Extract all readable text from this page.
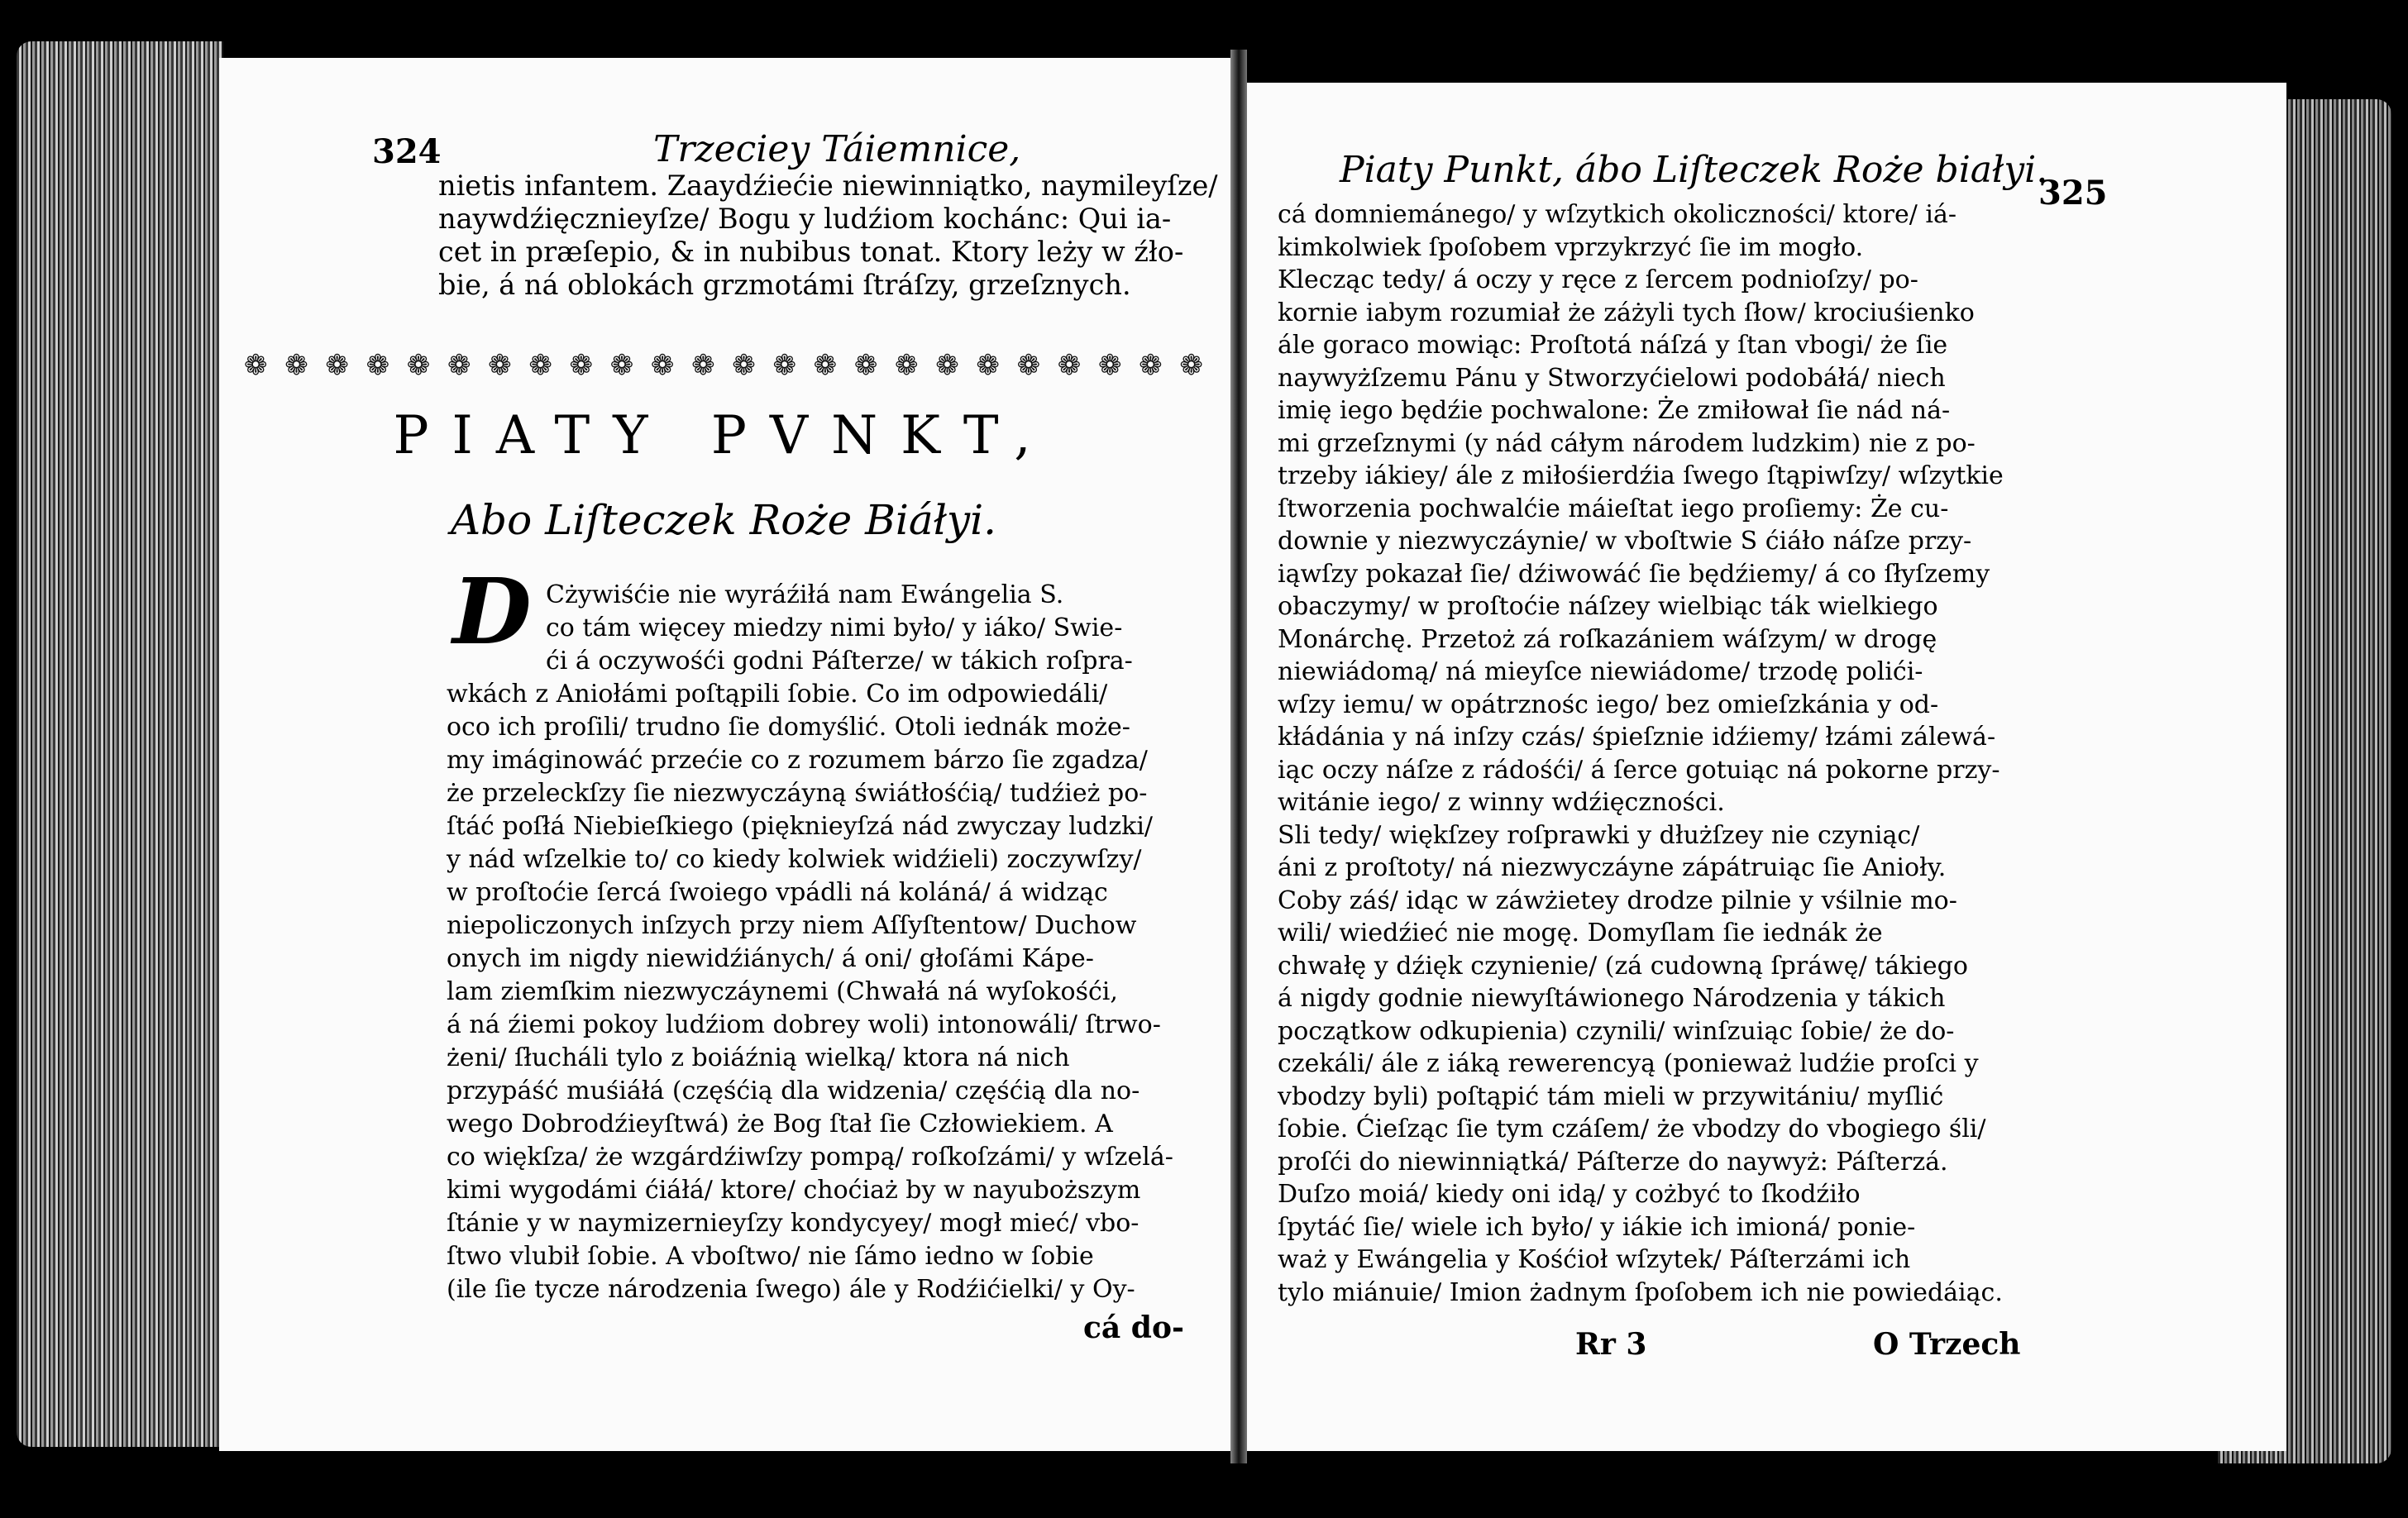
324	Trzeciey Táiemnice,
nietis infantem. Zaaydźiećie niewinniątko, naymileyſze/
naywdźięcznieyſze/ Bogu y ludźiom kochánc: Qui ia-
cet in præſepio, & in nubibus tonat. Ktory leży w źło-
bie, á ná oblokách grzmotámi ſtráſzy, grzeſznych.
❁ ❁ ❁ ❁ ❁ ❁ ❁ ❁ ❁ ❁ ❁ ❁ ❁ ❁ ❁ ❁ ❁ ❁ ❁ ❁ ❁ ❁ ❁ ❁
PIATY PVNKT,
Abo Liſteczek Roże Biáłyi.
D Cżywiśćie nie wyráźiłá nam Ewángelia S.
co tám więcey miedzy nimi było/ y iáko/ Swie-
ći á oczywośći godni Páſterze/ w tákich roſpra-
wkách z Aniołámi poſtąpili ſobie. Co im odpowiedáli/
oco ich proſili/ trudno ſie domyślić. Otoli iednák może-
my imáginowáć przećie co z rozumem bárzo ſie zgadza/
że przeleckſzy ſie niezwyczáyną świátłośćią/ tudźież po-
ſtáć poſłá Niebieſkiego (pięknieyſzá nád zwyczay ludzki/
y nád wſzelkie to/ co kiedy kolwiek widźieli) zoczywſzy/
w proſtoćie ſercá ſwoiego vpádli ná koláná/ á widząc
niepoliczonych inſzych przy niem Aſſyſtentow/ Duchow
onych im nigdy niewidźiánych/ á oni/ głoſámi Kápe-
lam ziemſkim niezwyczáynemi (Chwałá ná wyſokośći,
á ná źiemi pokoy ludźiom dobrey woli) intonowáli/ ſtrwo-
żeni/ ſłucháli tylo z boiáźnią wielką/ ktora ná nich
przypáść muśiáłá (częśćią dla widzenia/ częśćią dla no-
wego Dobrodźieyſtwá) że Bog ſtał ſie Człowiekiem. A
co więkſza/ że wzgárdźiwſzy pompą/ roſkoſzámi/ y wſzelá-
kimi wygodámi ćiáłá/ ktore/ choćiaż by w nayuboższym
ſtánie y w naymizernieyſzy kondycyey/ mogł mieć/ vbo-
ſtwo vlubił ſobie. A vboſtwo/ nie ſámo iedno w ſobie
(ile ſie tycze národzenia ſwego) ále y Rodźićielki/ y Oy-
cá do-
Piaty Punkt, ábo Liſteczek Roże białyi.
325
cá domniemánego/ y wſzytkich okoliczności/ ktore/ iá-
kimkolwiek ſpoſobem vprzykrzyć ſie im mogło.
Klecząc tedy/ á oczy y ręce z ſercem podnioſzy/ po-
kornie iabym rozumiał że záżyli tych ſłow/ krociuśienko
ále goraco mowiąc: Proſtotá náſzá y ſtan vbogi/ że ſie
naywyżſzemu Pánu y Stworzyćielowi podobáłá/ niech
imię iego będźie pochwalone: Że zmiłował ſie nád ná-
mi grzeſznymi (y nád cáłym národem ludzkim) nie z po-
trzeby iákiey/ ále z miłośierdźia ſwego ſtąpiwſzy/ wſzytkie
ſtworzenia pochwalćie máieſtat iego proſiemy: Że cu-
downie y niezwyczáynie/ w vboſtwie S ćiáło náſze przy-
iąwſzy pokazał ſie/ dźiwowáć ſie będźiemy/ á co ſłyſzemy
obaczymy/ w proſtoćie náſzey wielbiąc ták wielkiego
Monárchę. Przetoż zá roſkazániem wáſzym/ w drogę
niewiádomą/ ná mieyſce niewiádome/ trzodę polići-
wſzy iemu/ w opátrznośc iego/ bez omieſzkánia y od-
kłádánia y ná inſzy czás/ śpieſznie idźiemy/ łzámi zálewá-
iąc oczy náſze z rádośći/ á ſerce gotuiąc ná pokorne przy-
witánie iego/ z winny wdźięczności.
Sli tedy/ więkſzey roſprawki y dłużſzey nie czyniąc/
áni z proſtoty/ ná niezwyczáyne zápátruiąc ſie Anioły.
Coby záś/ idąc w záwżietey drodze pilnie y vśilnie mo-
wili/ wiedźieć nie mogę. Domyſlam ſie iednák że
chwałę y dźięk czynienie/ (zá cudowną ſpráwę/ tákiego
á nigdy godnie niewyſtáwionego Národzenia y tákich
początkow odkupienia) czynili/ winſzuiąc ſobie/ że do-
czekáli/ ále z iáką rewerencyą (ponieważ ludźie proſci y
vbodzy byli) poſtąpić tám mieli w przywitániu/ myſlić
ſobie. Ćieſząc ſie tym czáſem/ że vbodzy do vbogiego śli/
proſći do niewinniątká/ Páſterze do naywyż: Páſterzá.
Duſzo moiá/ kiedy oni idą/ y cożbyć to ſkodźiło
ſpytáć ſie/ wiele ich było/ y iákie ich imioná/ ponie-
waż y Ewángelia y Kośćioł wſzytek/ Páſterzámi ich
tylo miánuie/ Imion żadnym ſpoſobem ich nie powiedáiąc.
Rr 3	O Trzech
